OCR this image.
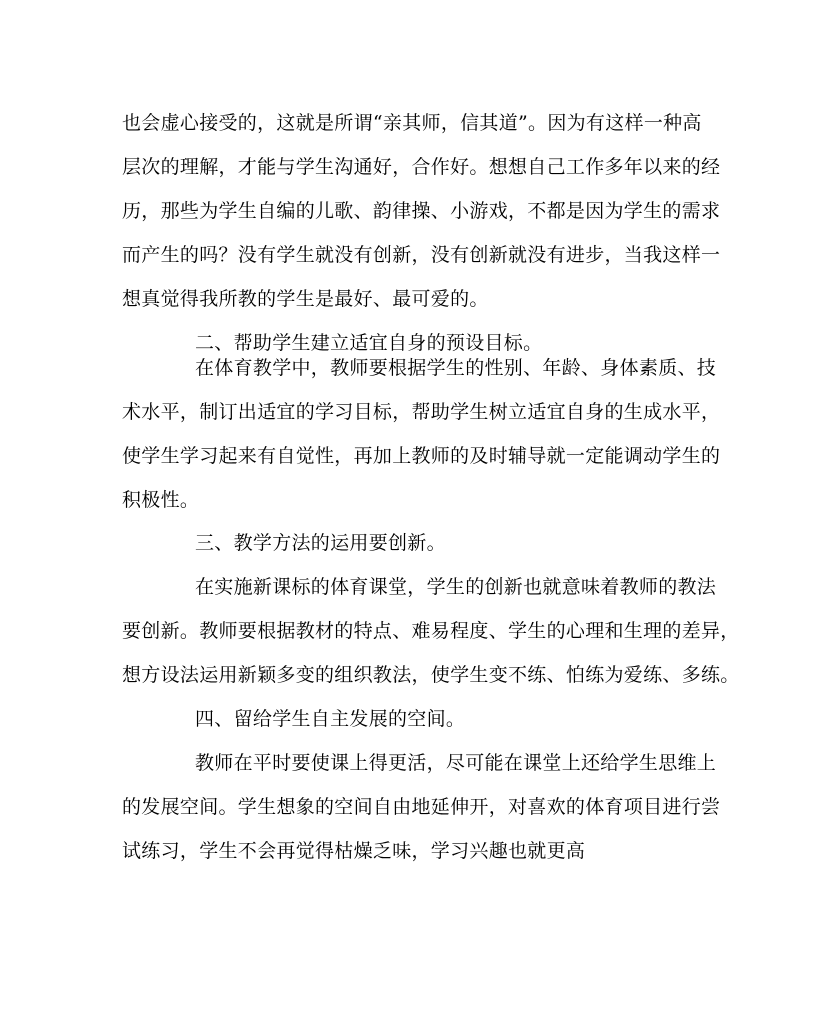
也会虚心接受的，这就是所谓“亲其师，信其道”。因为有这样一种高
层次的理解，才能与学生沟通好，合作好。想想自己工作多年以来的经
历，那些为学生自编的儿歌、韵律操、小游戏，不都是因为学生的需求
而产生的吗？没有学生就没有创新，没有创新就没有进步，当我这样一
想真觉得我所教的学生是最好、最可爱的。
二、帮助学生建立适宜自身的预设目标。
在体育教学中，教师要根据学生的性别、年龄、身体素质、技
术水平，制订出适宜的学习目标，帮助学生树立适宜自身的生成水平，
使学生学习起来有自觉性，再加上教师的及时辅导就一定能调动学生的
积极性。
三、教学方法的运用要创新。
在实施新课标的体育课堂，学生的创新也就意味着教师的教法
要创新。教师要根据教材的特点、难易程度、学生的心理和生理的差异，
想方设法运用新颖多变的组织教法，使学生变不练、怕练为爱练、多练。
四、留给学生自主发展的空间。
教师在平时要使课上得更活，尽可能在课堂上还给学生思维上
的发展空间。学生想象的空间自由地延伸开，对喜欢的体育项目进行尝
试练习，学生不会再觉得枯燥乏味，学习兴趣也就更高
